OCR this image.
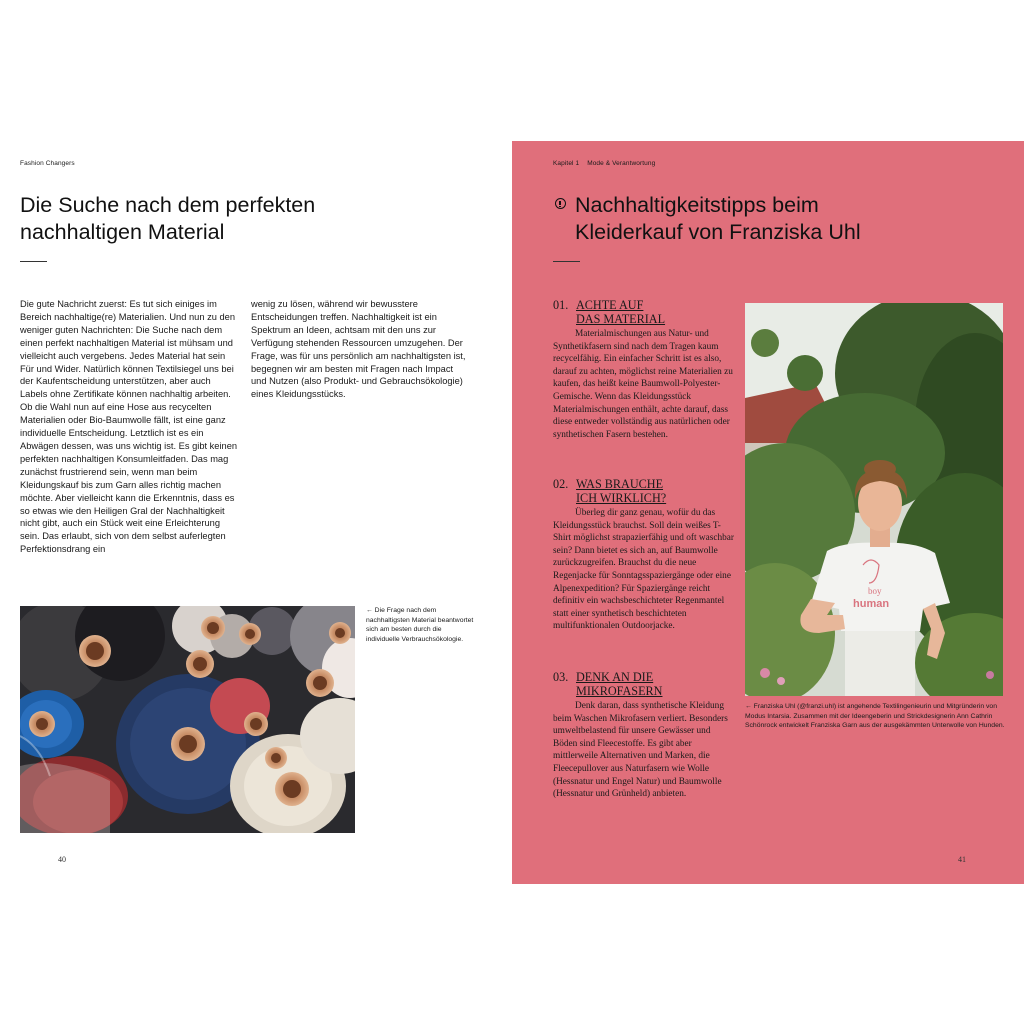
Fashion Changers
Die Suche nach dem perfekten
nachhaltigen Material

Die gute Nachricht zuerst: Es tut sich einiges im Bereich nachhaltige(re) Materialien. Und nun zu den weniger guten Nachrichten: Die Suche nach dem einen perfekt nachhaltigen Material ist mühsam und vielleicht auch vergebens. Jedes Material hat sein Für und Wider. Natürlich können Textilsiegel uns bei der Kaufentscheidung unterstützen, aber auch Labels ohne Zertifikate können nachhaltig arbeiten. Ob die Wahl nun auf eine Hose aus recycelten Materialien oder Bio-Baumwolle fällt, ist eine ganz individuelle Entscheidung. Letztlich ist es ein Abwägen dessen, was uns wichtig ist. Es gibt keinen perfekten nachhaltigen Konsumleitfaden. Das mag zunächst frustrierend sein, wenn man beim Kleidungskauf bis zum Garn alles richtig machen möchte. Aber vielleicht kann die Erkenntnis, dass es so etwas wie den Heiligen Gral der Nachhaltigkeit nicht gibt, auch ein Stück weit eine Erleichterung sein. Das erlaubt, sich von dem selbst auferlegten Perfektionsdrang ein

wenig zu lösen, während wir bewusstere Entscheidungen treffen. Nachhaltigkeit ist ein Spektrum an Ideen, achtsam mit den uns zur Verfügung stehenden Ressourcen umzugehen. Der Frage, was für uns persönlich am nachhaltigsten ist, begegnen wir am besten mit Fragen nach Impact und Nutzen (also Produkt- und Gebrauchsökologie) eines Kleidungsstücks.

← Die Frage nach dem nachhaltigsten Material beantwortet sich am besten durch die individuelle Verbrauchsökologie.

40
Kapitel 1 Mode & Verantwortung
Nachhaltigkeitstipps beim
Kleiderkauf von Franziska Uhl
01. ACHTE AUF
DAS MATERIAL

Materialmischungen aus Natur- und Synthetikfasern sind nach dem Tragen kaum recycelfähig. Ein einfacher Schritt ist es also, darauf zu achten, möglichst reine Materialien zu kaufen, das heißt keine Baumwoll-Polyester-Gemische. Wenn das Kleidungsstück Materialmischungen enthält, achte darauf, dass diese entweder vollständig aus natürlichen oder synthetischen Fasern bestehen.

02. WAS BRAUCHE
ICH WIRKLICH?

Überleg dir ganz genau, wofür du das Kleidungsstück brauchst. Soll dein weißes T-Shirt möglichst strapazierfähig und oft waschbar sein? Dann bietet es sich an, auf Baumwolle zurückzugreifen. Brauchst du die neue Regenjacke für Sonntagsspaziergänge oder eine Alpenexpedition? Für Spaziergänge reicht definitiv ein wachsbeschichteter Regenmantel statt einer synthetisch beschichteten multifunktionalen Outdoorjacke.

03. DENK AN DIE
MIKROFASERN

Denk daran, dass synthetische Kleidung beim Waschen Mikrofasern verliert. Besonders umweltbelastend für unsere Gewässer und Böden sind Fleecestoffe. Es gibt aber mittlerweile Alternativen und Marken, die Fleecepullover aus Naturfasern wie Wolle (Hessnatur und Engel Natur) und Baumwolle (Hessnatur und Grünheld) anbieten.

boy
human

← Franziska Uhl (@franzi.uhl) ist angehende Textilingenieurin und Mitgründerin von Modus Intarsia. Zusammen mit der Ideengeberin und Strickdesignerin Ann Cathrin Schönrock entwickelt Franziska Garn aus der ausgekämmten Unterwolle von Hunden.

41
